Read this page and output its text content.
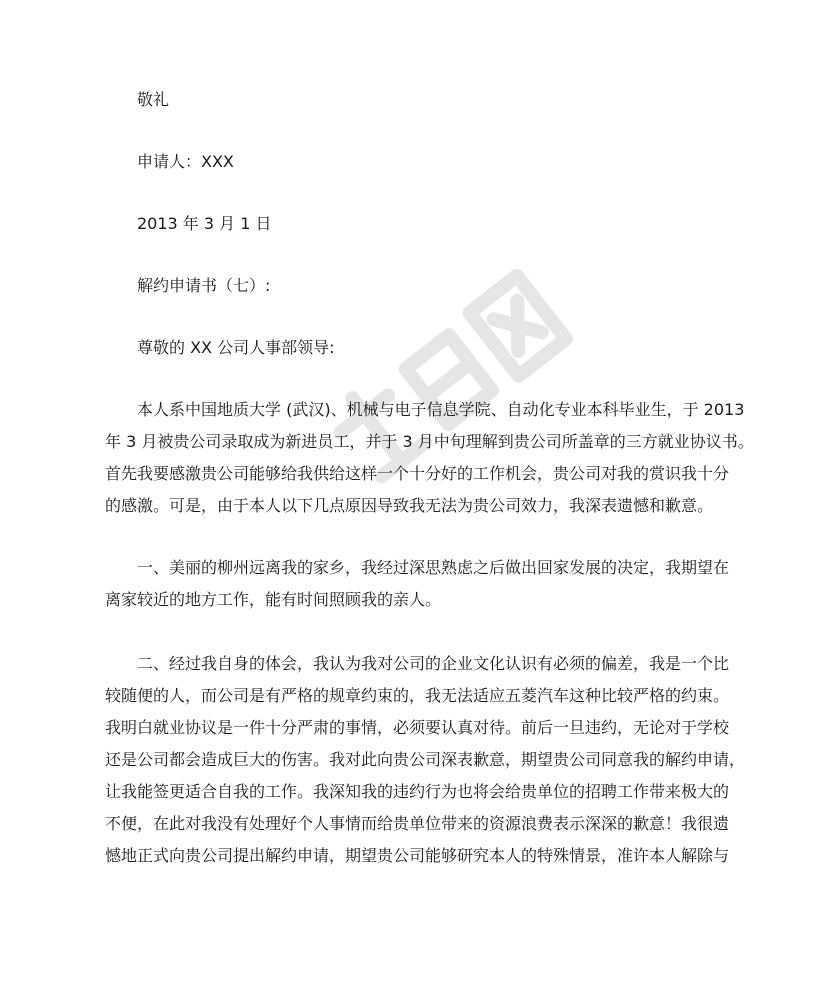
敬礼
申请人：XXX
2013 年 3 月 1 日
解约申请书（七）:
尊敬的 XX 公司人事部领导:
本人系中国地质大学 (武汉)、机械与电子信息学院、自动化专业本科毕业生，于 2013
年 3 月被贵公司录取成为新进员工，并于 3 月中旬理解到贵公司所盖章的三方就业协议书。
首先我要感激贵公司能够给我供给这样一个十分好的工作机会，贵公司对我的赏识我十分
的感激。可是，由于本人以下几点原因导致我无法为贵公司效力，我深表遗憾和歉意。
一、美丽的柳州远离我的家乡，我经过深思熟虑之后做出回家发展的决定，我期望在
离家较近的地方工作，能有时间照顾我的亲人。
二、经过我自身的体会，我认为我对公司的企业文化认识有必须的偏差，我是一个比
较随便的人，而公司是有严格的规章约束的，我无法适应五菱汽车这种比较严格的约束。
我明白就业协议是一件十分严肃的事情，必须要认真对待。前后一旦违约，无论对于学校
还是公司都会造成巨大的伤害。我对此向贵公司深表歉意，期望贵公司同意我的解约申请，
让我能签更适合自我的工作。我深知我的违约行为也将会给贵单位的招聘工作带来极大的
不便，在此对我没有处理好个人事情而给贵单位带来的资源浪费表示深深的歉意！我很遗
憾地正式向贵公司提出解约申请，期望贵公司能够研究本人的特殊情景，准许本人解除与
